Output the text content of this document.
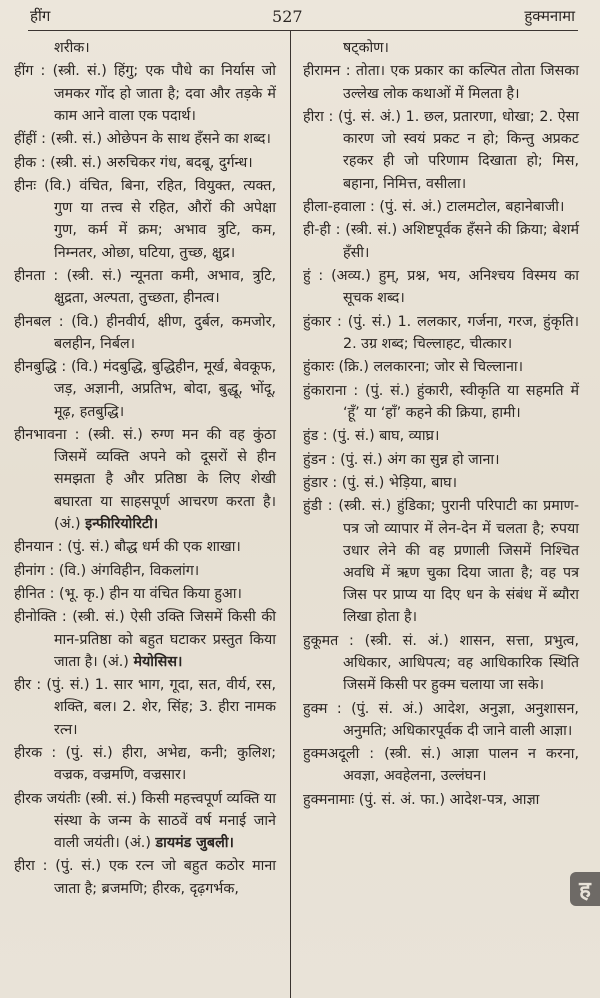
हींग	527	हुक्मनामा

शरीक।

हींग : (स्त्री. सं.) हिंगु; एक पौधे का निर्यास जो जमकर गोंद हो जाता है; दवा और तड़के में काम आने वाला एक पदार्थ।

हींहीं : (स्त्री. सं.) ओछेपन के साथ हँसने का शब्द।

हीक : (स्त्री. सं.) अरुचिकर गंध, बदबू, दुर्गन्ध।

हीनः (वि.) वंचित, बिना, रहित, वियुक्त, त्यक्त, गुण या तत्त्व से रहित, औरों की अपेक्षा गुण, कर्म में क्रम; अभाव त्रुटि, कम, निम्नतर, ओछा, घटिया, तुच्छ, क्षुद्र।

हीनता : (स्त्री. सं.) न्यूनता कमी, अभाव, त्रुटि, क्षुद्रता, अल्पता, तुच्छता, हीनत्व।

हीनबल : (वि.) हीनवीर्य, क्षीण, दुर्बल, कमजोर, बलहीन, निर्बल।

हीनबुद्धि : (वि.) मंदबुद्धि, बुद्धिहीन, मूर्ख, बेवकूफ, जड़, अज्ञानी, अप्रतिभ, बोदा, बुद्धू, भोंदू, मूढ़, हतबुद्धि।

हीनभावना : (स्त्री. सं.) रुग्ण मन की वह कुंठा जिसमें व्यक्ति अपने को दूसरों से हीन समझता है और प्रतिष्ठा के लिए शेखी बघारता या साहसपूर्ण आचरण करता है। (अं.) इन्फीरियोरिटी।

हीनयान : (पुं. सं.) बौद्ध धर्म की एक शाखा।

हीनांग : (वि.) अंगविहीन, विकलांग।

हीनित : (भू. कृ.) हीन या वंचित किया हुआ।

हीनोक्ति : (स्त्री. सं.) ऐसी उक्ति जिसमें किसी की मान-प्रतिष्ठा को बहुत घटाकर प्रस्तुत किया जाता है। (अं.) मेयोसिस।

हीर : (पुं. सं.) 1. सार भाग, गूदा, सत, वीर्य, रस, शक्ति, बल। 2. शेर, सिंह; 3. हीरा नामक रत्न।

हीरक : (पुं. सं.) हीरा, अभेद्य, कनी; कुलिश; वज्रक, वज्रमणि, वज्रसार।

हीरक जयंतीः (स्त्री. सं.) किसी महत्त्वपूर्ण व्यक्ति या संस्था के जन्म के साठवें वर्ष मनाई जाने वाली जयंती। (अं.) डायमंड जुबली।

हीरा : (पुं. सं.) एक रत्न जो बहुत कठोर माना जाता है; ब्रजमणि; हीरक, दृढ़गर्भक,

षट्कोण।

हीरामन : तोता। एक प्रकार का कल्पित तोता जिसका उल्लेख लोक कथाओं में मिलता है।

हीरा : (पुं. सं. अं.) 1. छल, प्रतारणा, धोखा; 2. ऐसा कारण जो स्वयं प्रकट न हो; किन्तु अप्रकट रहकर ही जो परिणाम दिखाता हो; मिस, बहाना, निमित्त, वसीला।

हीला-हवाला : (पुं. सं. अं.) टालमटोल, बहानेबाजी।

ही-ही : (स्त्री. सं.) अशिष्टपूर्वक हँसने की क्रिया; बेशर्म हँसी।

हुं : (अव्य.) हुम्, प्रश्न, भय, अनिश्चय विस्मय का सूचक शब्द।

हुंकार : (पुं. सं.) 1. ललकार, गर्जना, गरज, हुंकृति। 2. उग्र शब्द; चिल्लाहट, चीत्कार।

हुंकारः (क्रि.) ललकारना; जोर से चिल्लाना।

हुंकाराना : (पुं. सं.) हुंकारी, स्वीकृति या सहमति में ‘हूँ’ या ‘हाँ’ कहने की क्रिया, हामी।

हुंड : (पुं. सं.) बाघ, व्याघ्र।

हुंडन : (पुं. सं.) अंग का सुन्न हो जाना।

हुंडार : (पुं. सं.) भेड़िया, बाघ।

हुंडी : (स्त्री. सं.) हुंडिका; पुरानी परिपाटी का प्रमाण-पत्र जो व्यापार में लेन-देन में चलता है; रुपया उधार लेने की वह प्रणाली जिसमें निश्चित अवधि में ऋण चुका दिया जाता है; वह पत्र जिस पर प्राप्य या दिए धन के संबंध में ब्यौरा लिखा होता है।

हुकूमत : (स्त्री. सं. अं.) शासन, सत्ता, प्रभुत्व, अधिकार, आधिपत्य; वह आधिकारिक स्थिति जिसमें किसी पर हुक्म चलाया जा सके।

हुक्म : (पुं. सं. अं.) आदेश, अनुज्ञा, अनुशासन, अनुमति; अधिकारपूर्वक दी जाने वाली आज्ञा।

हुक्मअदूली : (स्त्री. सं.) आज्ञा पालन न करना, अवज्ञा, अवहेलना, उल्लंघन।

हुक्मनामाः (पुं. सं. अं. फा.) आदेश-पत्र, आज्ञा

ह
